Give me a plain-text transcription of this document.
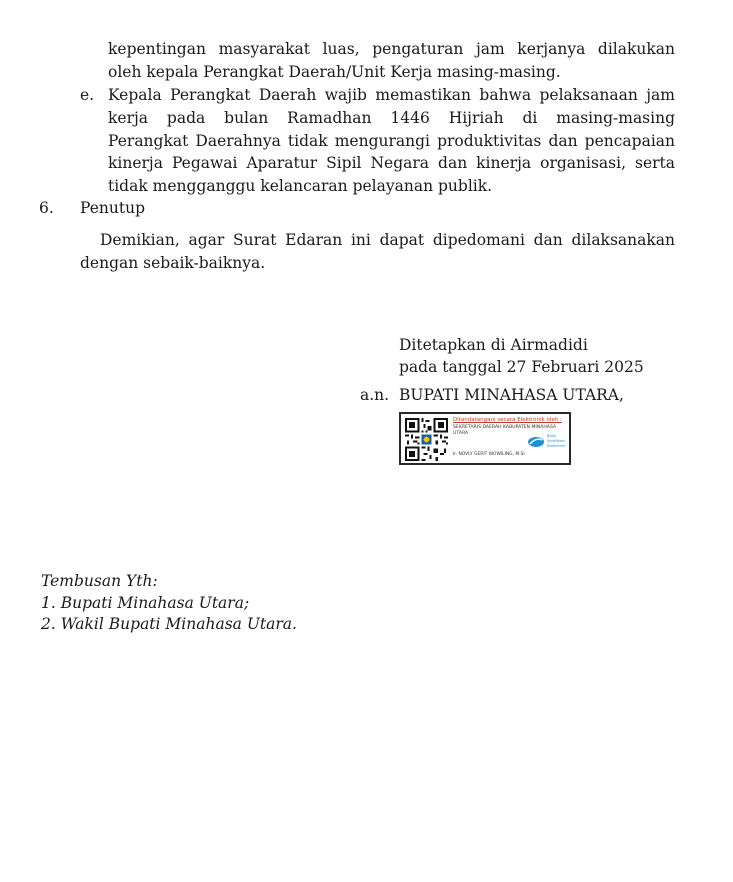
kepentingan masyarakat luas, pengaturan jam kerjanya dilakukan
oleh kepala Perangkat Daerah/Unit Kerja masing-masing.
e. Kepala Perangkat Daerah wajib memastikan bahwa pelaksanaan jam
kerja pada bulan Ramadhan 1446 Hijriah di masing-masing
Perangkat Daerahnya tidak mengurangi produktivitas dan pencapaian
kinerja Pegawai Aparatur Sipil Negara dan kinerja organisasi, serta
tidak mengganggu kelancaran pelayanan publik.
6. Penutup
Demikian, agar Surat Edaran ini dapat dipedomani dan dilaksanakan
dengan sebaik-baiknya.
Ditetapkan di Airmadidi
pada tanggal 27 Februari 2025
a.n. BUPATI MINAHASA UTARA,
Ditandatangani secara Elektronik oleh :
SEKRETARIS DAERAH KABUPATEN MINAHASA
UTARA
Ir. NOVLY GERIT WOWILING, M.SI
Balai
Sertifikasi
Elektronik
Tembusan Yth:
1. Bupati Minahasa Utara;
2. Wakil Bupati Minahasa Utara.
